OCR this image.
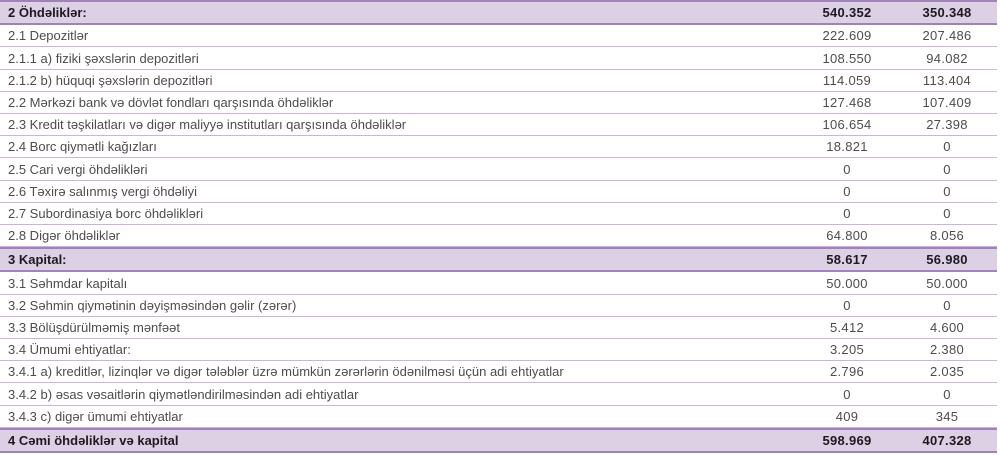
2 Öhdəliklər:	540.352	350.348
2.1 Depozitlər	222.609	207.486
2.1.1 a) fiziki şəxslərin depozitləri	108.550	94.082
2.1.2 b) hüquqi şəxslərin depozitləri	114.059	113.404
2.2 Mərkəzi bank və dövlət fondları qarşısında öhdəliklər	127.468	107.409
2.3 Kredit təşkilatları və digər maliyyə institutları qarşısında öhdəliklər	106.654	27.398
2.4 Borc qiymətli kağızları	18.821	0
2.5 Cari vergi öhdəlikləri	0	0
2.6 Təxirə salınmış vergi öhdəliyi	0	0
2.7 Subordinasiya borc öhdəlikləri	0	0
2.8 Digər öhdəliklər	64.800	8.056
3 Kapital:	58.617	56.980
3.1 Səhmdar kapitalı	50.000	50.000
3.2 Səhmin qiymətinin dəyişməsindən gəlir (zərər)	0	0
3.3 Bölüşdürülməmiş mənfəət	5.412	4.600
3.4 Ümumi ehtiyatlar:	3.205	2.380
3.4.1 a) kreditlər, lizinqlər və digər tələblər üzrə mümkün zərərlərin ödənilməsi üçün adi ehtiyatlar	2.796	2.035
3.4.2 b) əsas vəsaitlərin qiymətləndirilməsindən adi ehtiyatlar	0	0
3.4.3 c) digər ümumi ehtiyatlar	409	345
4 Cəmi öhdəliklər və kapital	598.969	407.328
